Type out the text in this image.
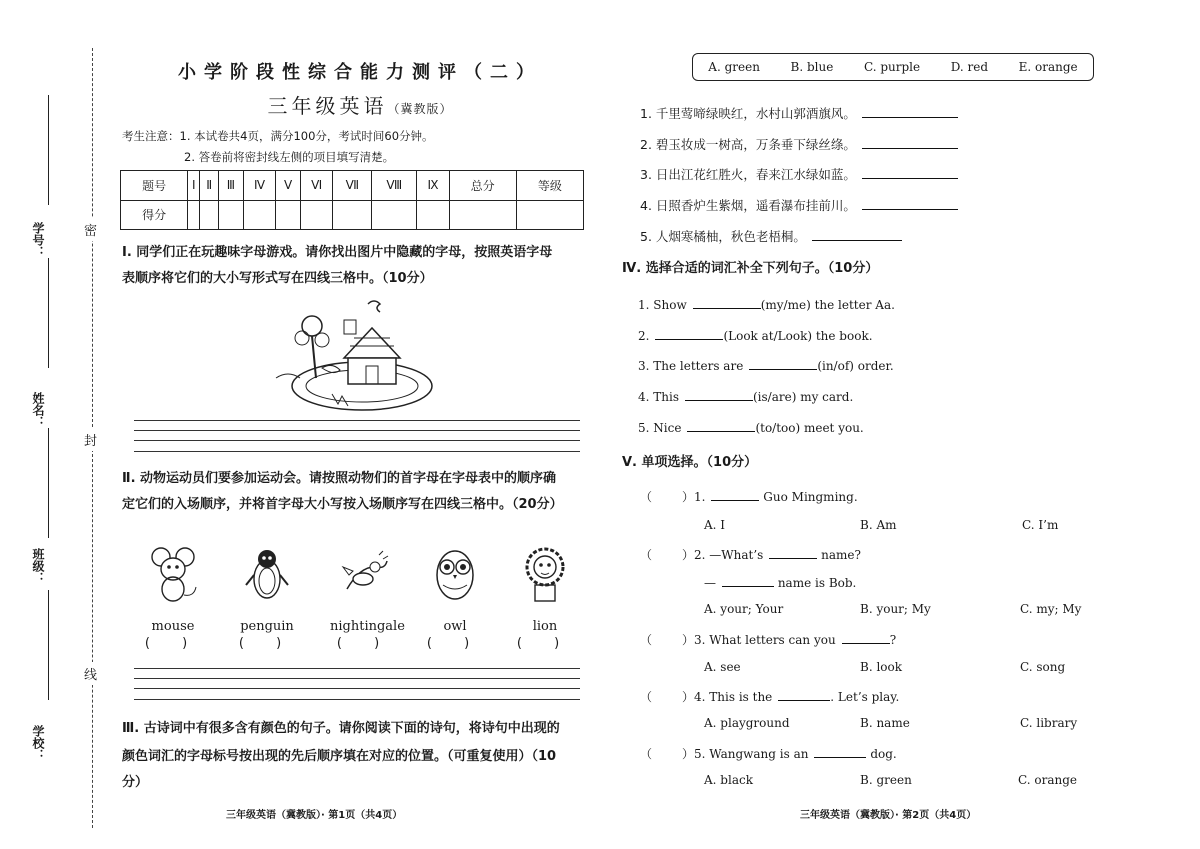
学号：
姓名：
班级：
学校：
密
封
线
小学阶段性综合能力测评（二）
三年级英语（冀教版）
考生注意：1. 本试卷共4页，满分100分，考试时间60分钟。
2. 答卷前将密封线左侧的项目填写清楚。
题号	Ⅰ	Ⅱ	Ⅲ	Ⅳ	Ⅴ	Ⅵ	Ⅶ	Ⅷ	Ⅸ	总分	等级
得分											
Ⅰ. 同学们正在玩趣味字母游戏。请你找出图片中隐藏的字母，按照英语字母
表顺序将它们的大小写形式写在四线三格中。（10分）
Ⅱ. 动物运动员们要参加运动会。请按照动物们的首字母在字母表中的顺序确
定它们的入场顺序，并将首字母大小写按入场顺序写在四线三格中。（20分）
mouse
( )
penguin
( )
nightingale
( )
owl
( )
lion
( )
Ⅲ. 古诗词中有很多含有颜色的句子。请你阅读下面的诗句，将诗句中出现的
颜色词汇的字母标号按出现的先后顺序填在对应的位置。（可重复使用）（10
分）
三年级英语（冀教版）· 第1页（共4页）
A. green	B. blue	C. purple	D. red	E. orange
1. 千里莺啼绿映红，水村山郭酒旗风。
2. 碧玉妆成一树高，万条垂下绿丝绦。
3. 日出江花红胜火，春来江水绿如蓝。
4. 日照香炉生紫烟，遥看瀑布挂前川。
5. 人烟寒橘柚，秋色老梧桐。
Ⅳ. 选择合适的词汇补全下列句子。（10分）
1. Show	(my/me) the letter Aa.
2.	(Look at/Look) the book.
3. The letters are	(in/of) order.
4. This	(is/are) my card.
5. Nice	(to/too) meet you.
Ⅴ. 单项选择。（10分）
（	）1.	Guo Mingming.
A. I	B. Am	C. I’m
（	）2. —What’s	name?
—	name is Bob.
A. your; Your	B. your; My	C. my; My
（	）3. What letters can you	?
A. see	B. look	C. song
（	）4. This is the	. Let’s play.
A. playground	B. name	C. library
（	）5. Wangwang is an	dog.
A. black	B. green	C. orange
三年级英语（冀教版）· 第2页（共4页）
